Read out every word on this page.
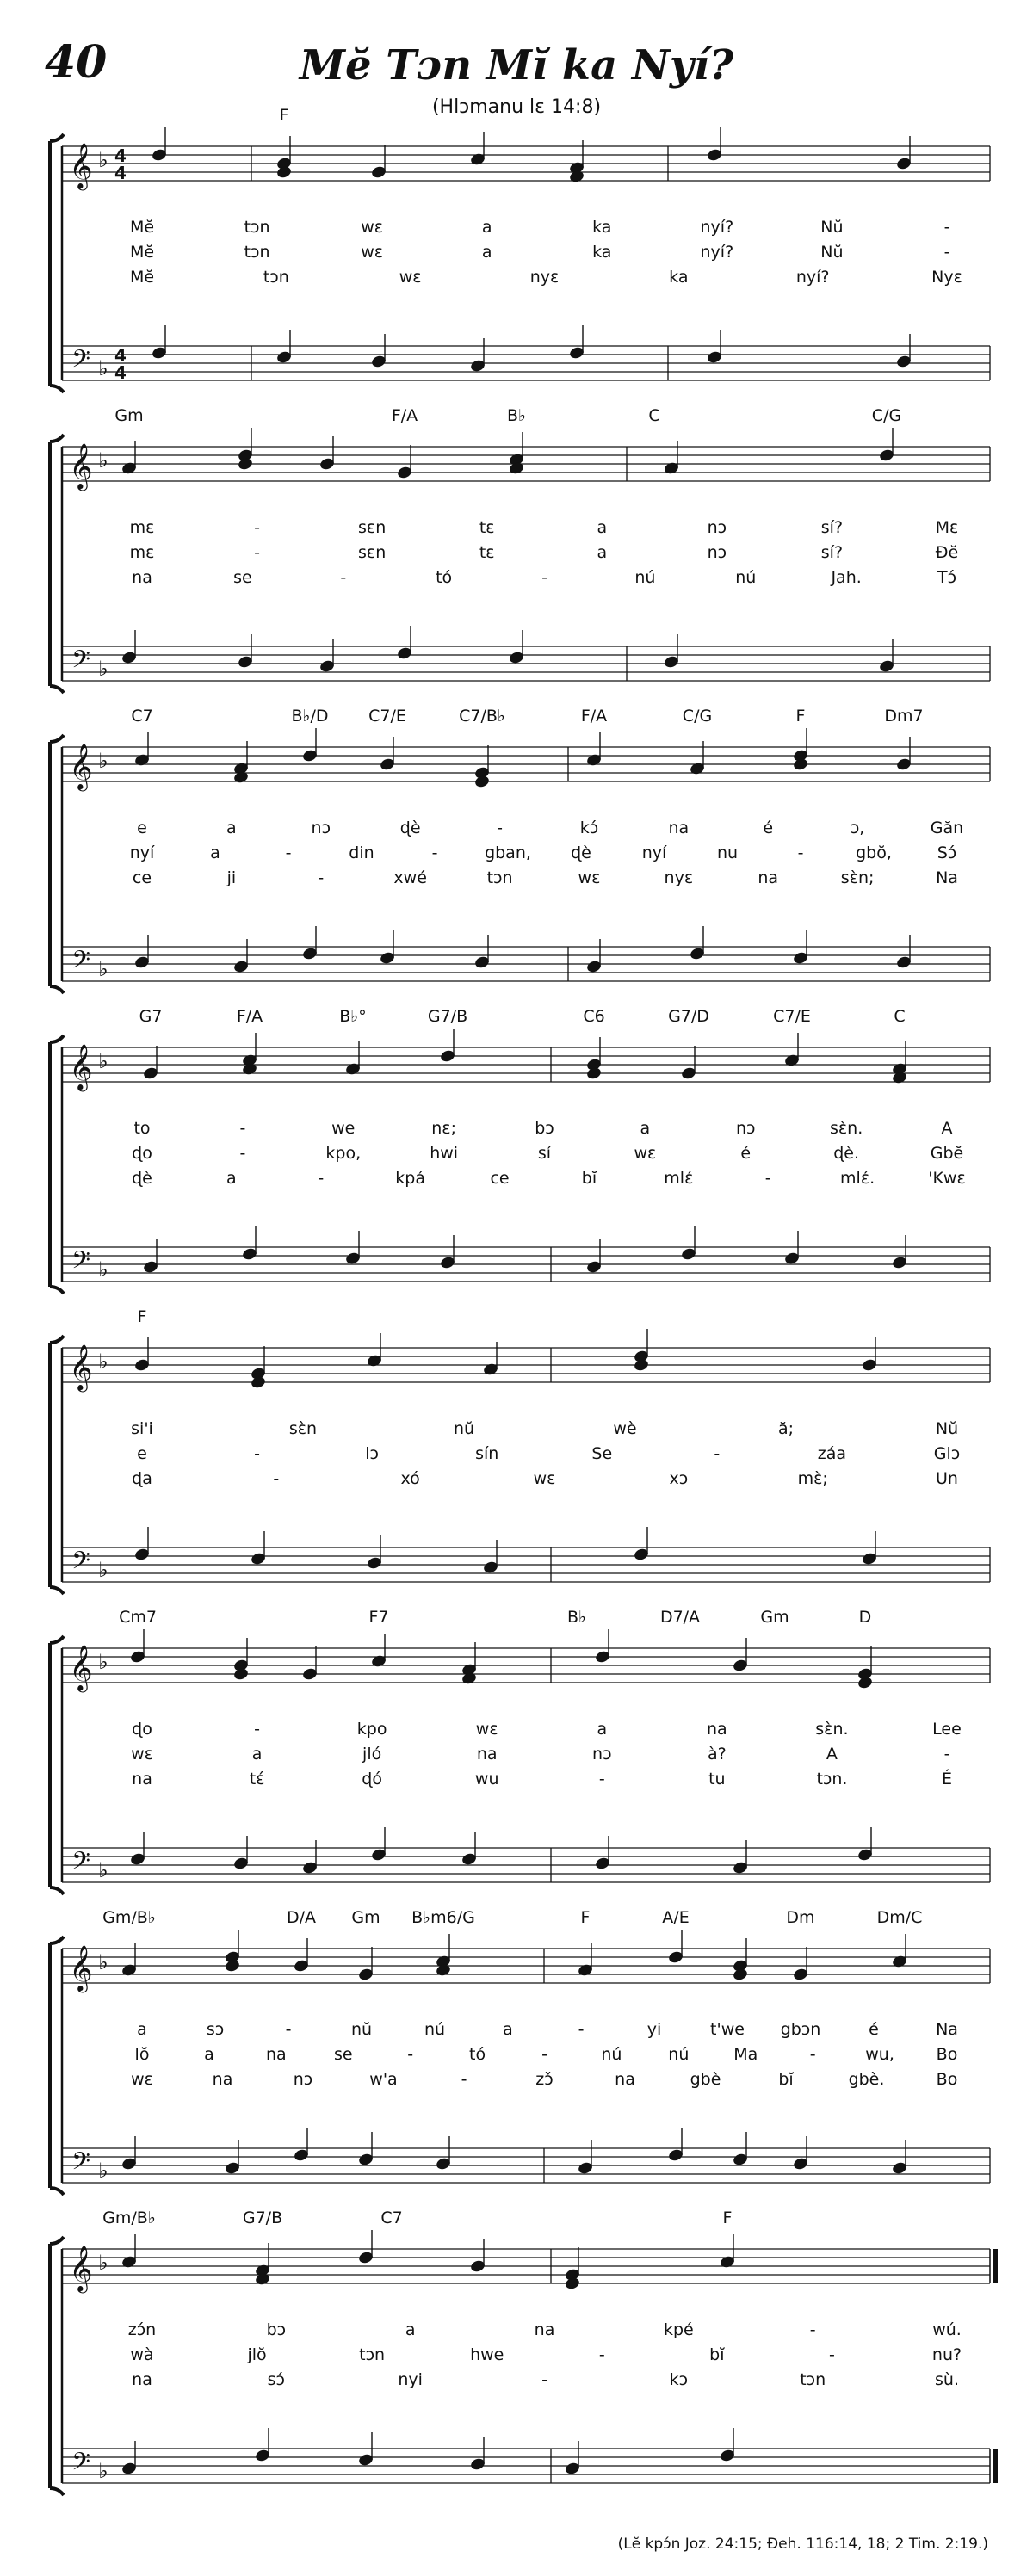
40	Mĕ Tɔn Mĭ ka Nyí?
(Hlɔmanu lɛ 14:8)
𝄞
𝄢
♭
♭
4
4
4
4
F
Mĕ	tɔn	wɛ	a	ka	nyí?	Nŭ	-
Mĕ	tɔn	wɛ	a	ka	nyí?	Nŭ	-
Mĕ	tɔn	wɛ	nyɛ	ka	nyí?	Nyɛ
𝄞
𝄢
♭
♭
Gm	F/A	B♭	C	C/G
mɛ	-	sɛn	tɛ	a	nɔ	sí?	Mɛ
mɛ	-	sɛn	tɛ	a	nɔ	sí?	Ðĕ
na	se	-	tó	-	nú	nú	Jah.	Tɔ́
𝄞
𝄢
♭
♭
C7	B♭/D C7/E	C7/B♭	F/A	C/G	F	Dm7
e	a	nɔ	ɖè	-	kɔ́	na	é	ɔ,	Găn
nyí	a	-	din	-	gban, ɖè	nyí	nu	-	gbŏ,	Sɔ́
ce	ji	-	xwé	tɔn	wɛ	nyɛ	na	sɛ̀n;	Na
𝄞
𝄢
♭
♭
G7	F/A	B♭°	G7/B	C6	G7/D	C7/E	C
to	-	we	nɛ;	bɔ	a	nɔ	sɛ̀n.	A
ɖo	-	kpo,	hwi	sí	wɛ	é	ɖè.	Gbĕ
ɖè	a	-	kpá	ce	bĭ	mlɛ́	-	mlɛ́.	'Kwɛ
𝄞
𝄢
♭
♭
F
si'i	sɛ̀n	nŭ	wè	ă;	Nŭ
e	-	lɔ	sín	Se	-	záa	Glɔ
ɖa	-	xó	wɛ	xɔ	mɛ̀;	Un
𝄞
𝄢
♭
♭
Cm7	F7	B♭	D7/A	Gm	D
ɖo	-	kpo	wɛ	a	na	sɛ̀n.	Lee
wɛ	a	jló	na	nɔ	à?	A	-
na	tɛ́	ɖó	wu	-	tu	tɔn.	É
𝄞
𝄢
♭
♭
Gm/B♭	D/A Gm B♭m6/G	F	A/E	Dm	Dm/C
a	sɔ	-	nŭ	nú	a	-	yi	t'we gbɔn	é	Na
lŏ	a	na	se	-	tó	-	nú	nú	Ma	-	wu,	Bo
wɛ	na	nɔ	w'a	-	zɔ̌	na	gbè	bĭ	gbè.	Bo
𝄞
𝄢
♭
♭
Gm/B♭	G7/B	C7	F
zɔ́n	bɔ	a	na	kpé	-	wú.
wà	jlŏ	tɔn	hwe	-	bĭ	-	nu?
na	sɔ́	nyi	-	kɔ	tɔn	sù.
(Lĕ kpɔ́n Joz. 24:15; Ɖeh. 116:14, 18; 2 Tim. 2:19.)
